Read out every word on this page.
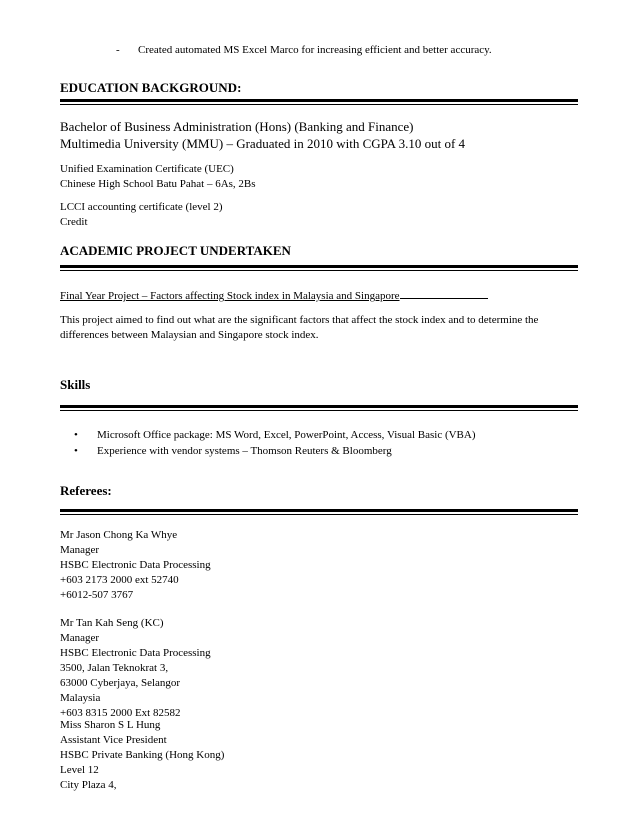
- Created automated MS Excel Marco for increasing efficient and better accuracy.
EDUCATION BACKGROUND:
Bachelor of Business Administration (Hons) (Banking and Finance)
Multimedia University (MMU) – Graduated in 2010 with CGPA 3.10 out of 4
Unified Examination Certificate (UEC)
Chinese High School Batu Pahat – 6As, 2Bs
LCCI accounting certificate (level 2)
Credit
ACADEMIC PROJECT UNDERTAKEN
Final Year Project – Factors affecting Stock index in Malaysia and Singapore
This project aimed to find out what are the significant factors that affect the stock index and to determine the
differences between Malaysian and Singapore stock index.
Skills
• Microsoft Office package: MS Word, Excel, PowerPoint, Access, Visual Basic (VBA)
• Experience with vendor systems – Thomson Reuters & Bloomberg
Referees:
Mr Jason Chong Ka Whye
Manager
HSBC Electronic Data Processing
+603 2173 2000 ext 52740
+6012-507 3767
Mr Tan Kah Seng (KC)
Manager
HSBC Electronic Data Processing
3500, Jalan Teknokrat 3,
63000 Cyberjaya, Selangor
Malaysia
+603 8315 2000 Ext 82582
Miss Sharon S L Hung
Assistant Vice President
HSBC Private Banking (Hong Kong)
Level 12
City Plaza 4,
